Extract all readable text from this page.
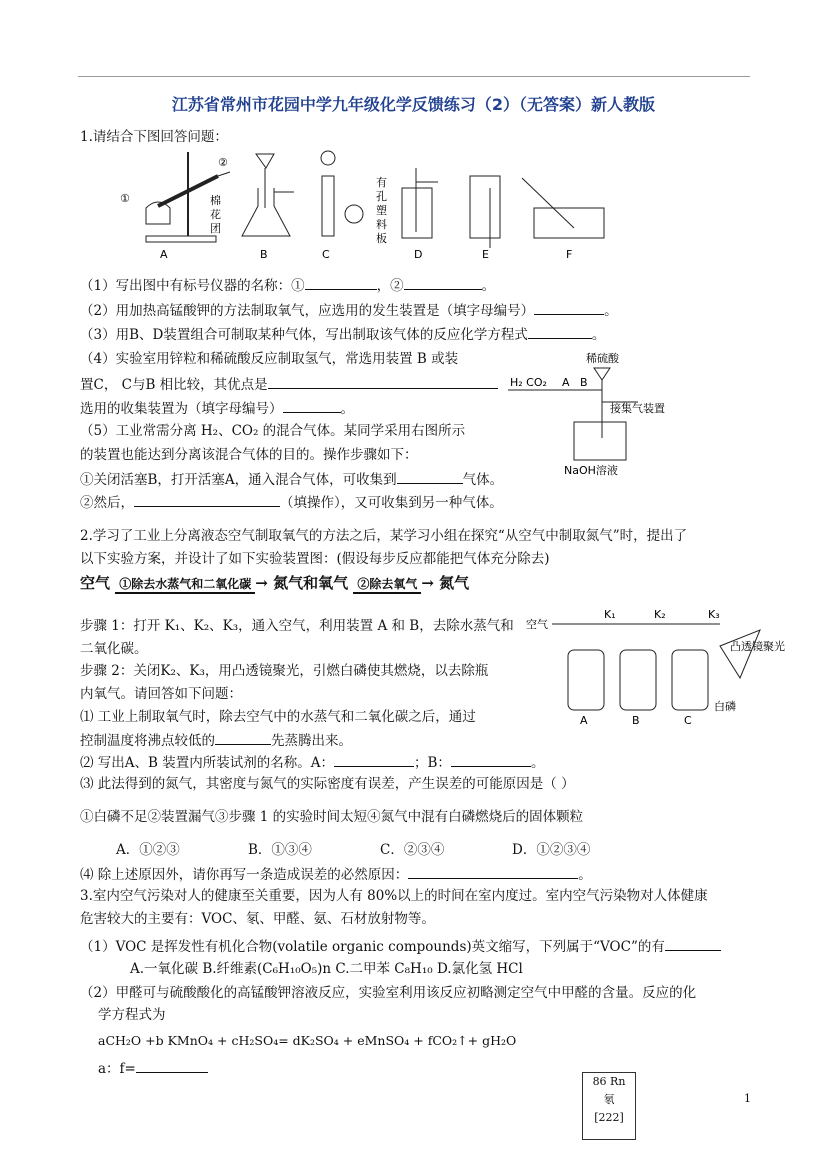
江苏省常州市花园中学九年级化学反馈练习（2）（无答案）新人教版
1.请结合下图回答问题：
①	棉
花
团
A
②
B
有
孔
塑
料
板
C	D	E	F
（1）写出图中有标号仪器的名称：①	，②	。
（2）用加热高锰酸钾的方法制取氧气，应选用的发生装置是（填字母编号）	。
（3）用B、D装置组合可制取某种气体，写出制取该气体的反应化学方程式	。
（4）实验室用锌粒和稀硫酸反应制取氢气，常选用装置 B 或装
置C， C与B 相比较，其优点是
选用的收集装置为（填字母编号）	。
（5）工业常需分离 H₂、CO₂ 的混合气体。某同学采用右图所示
的装置也能达到分离该混合气体的目的。操作步骤如下：
①关闭活塞B，打开活塞A，通入混合气体，可收集到	气体。
②然后，	（填操作），又可收集到另一种气体。
稀硫酸
H₂ CO₂ A B
接集气装置
NaOH溶液
2.学习了工业上分离液态空气制取氧气的方法之后，某学习小组在探究“从空气中制取氮气”时，提出了
以下实验方案，并设计了如下实验装置图：(假设每步反应都能把气体充分除去)
空气 ①除去水蒸气和二氧化碳 → 氮气和氧气 ②除去氧气 → 氮气
步骤 1：打开 K₁、K₂、K₃，通入空气，利用装置 A 和 B，去除水蒸气和
二氧化碳。
步骤 2：关闭K₂、K₃，用凸透镜聚光，引燃白磷使其燃烧，以去除瓶
内氧气。请回答如下问题：
⑴ 工业上制取氧气时，除去空气中的水蒸气和二氧化碳之后，通过
控制温度将沸点较低的	先蒸腾出来。
⑵ 写出A、B 装置内所装试剂的名称。A：	；B：	。
⑶ 此法得到的氮气，其密度与氮气的实际密度有误差，产生误差的可能原因是（ ）
①白磷不足②装置漏气③步骤 1 的实验时间太短④氮气中混有白磷燃烧后的固体颗粒
A．①②③	B．①③④	C．②③④	D．①②③④
⑷ 除上述原因外，请你再写一条造成误差的必然原因：	。
空气
K₁	K₂	K₃
凸透镜聚光
A	B	C
白磷
3.室内空气污染对人的健康至关重要，因为人有 80%以上的时间在室内度过。室内空气污染物对人体健康
危害较大的主要有：VOC、氡、甲醛、氨、石材放射物等。
（1）VOC 是挥发性有机化合物(volatile organic compounds)英文缩写，下列属于“VOC”的有
A.一氧化碳 B.纤维素(C₆H₁₀O₅)n C.二甲苯 C₈H₁₀ D.氯化氢 HCl
（2）甲醛可与硫酸酸化的高锰酸钾溶液反应，实验室利用该反应初略测定空气中甲醛的含量。反应的化
学方程式为
aCH₂O +b KMnO₄ + cH₂SO₄= dK₂SO₄ + eMnSO₄ + fCO₂↑+ gH₂O
a：f=
86 Rn
氡
[222]
1
